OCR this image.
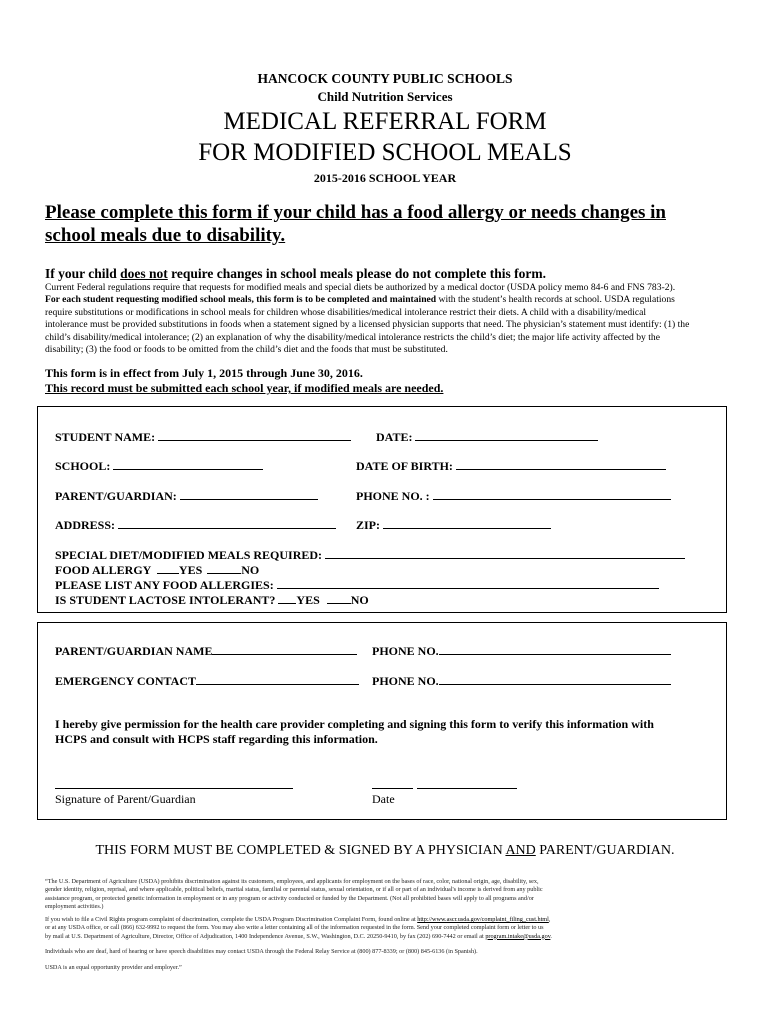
HANCOCK COUNTY PUBLIC SCHOOLS
Child Nutrition Services
MEDICAL REFERRAL FORM
FOR MODIFIED SCHOOL MEALS
2015-2016 SCHOOL YEAR
Please complete this form if your child has a food allergy or needs changes in
school meals due to disability.
If your child does not require changes in school meals please do not complete this form.
Current Federal regulations require that requests for modified meals and special diets be authorized by a medical doctor (USDA policy memo 84-6 and FNS 783-2).
For each student requesting modified school meals, this form is to be completed and maintained with the student’s health records at school. USDA regulations
require substitutions or modifications in school meals for children whose disabilities/medical intolerance restrict their diets. A child with a disability/medical
intolerance must be provided substitutions in foods when a statement signed by a licensed physician supports that need. The physician’s statement must identify: (1) the
child’s disability/medical intolerance; (2) an explanation of why the disability/medical intolerance restricts the child’s diet; the major life activity affected by the
disability; (3) the food or foods to be omitted from the child’s diet and the foods that must be substituted.
This form is in effect from July 1, 2015 through June 30, 2016.
This record must be submitted each school year, if modified meals are needed.
STUDENT NAME:	DATE:
SCHOOL:	DATE OF BIRTH:
PARENT/GUARDIAN:	PHONE NO. :
ADDRESS:	ZIP:
SPECIAL DIET/MODIFIED MEALS REQUIRED:
FOOD ALLERGY YES	NO
PLEASE LIST ANY FOOD ALLERGIES:
IS STUDENT LACTOSE INTOLERANT? YES	NO
PARENT/GUARDIAN NAME	PHONE NO.
EMERGENCY CONTACT	PHONE NO.
I hereby give permission for the health care provider completing and signing this form to verify this information with
HCPS and consult with HCPS staff regarding this information.
Signature of Parent/Guardian	Date
THIS FORM MUST BE COMPLETED & SIGNED BY A PHYSICIAN AND PARENT/GUARDIAN.
“The U.S. Department of Agriculture (USDA) prohibits discrimination against its customers, employees, and applicants for employment on the bases of race, color, national origin, age, disability, sex,
gender identity, religion, reprisal, and where applicable, political beliefs, marital status, familial or parental status, sexual orientation, or if all or part of an individual's income is derived from any public
assistance program, or protected genetic information in employment or in any program or activity conducted or funded by the Department. (Not all prohibited bases will apply to all programs and/or
employment activities.)
If you wish to file a Civil Rights program complaint of discrimination, complete the USDA Program Discrimination Complaint Form, found online at http://www.ascr.usda.gov/complaint_filing_cust.html,
or at any USDA office, or call (866) 632-9992 to request the form. You may also write a letter containing all of the information requested in the form. Send your completed complaint form or letter to us
by mail at U.S. Department of Agriculture, Director, Office of Adjudication, 1400 Independence Avenue, S.W., Washington, D.C. 20250-9410, by fax (202) 690-7442 or email at program.intake@usda.gov.
Individuals who are deaf, hard of hearing or have speech disabilities may contact USDA through the Federal Relay Service at (800) 877-8339; or (800) 845-6136 (in Spanish).
USDA is an equal opportunity provider and employer.”
